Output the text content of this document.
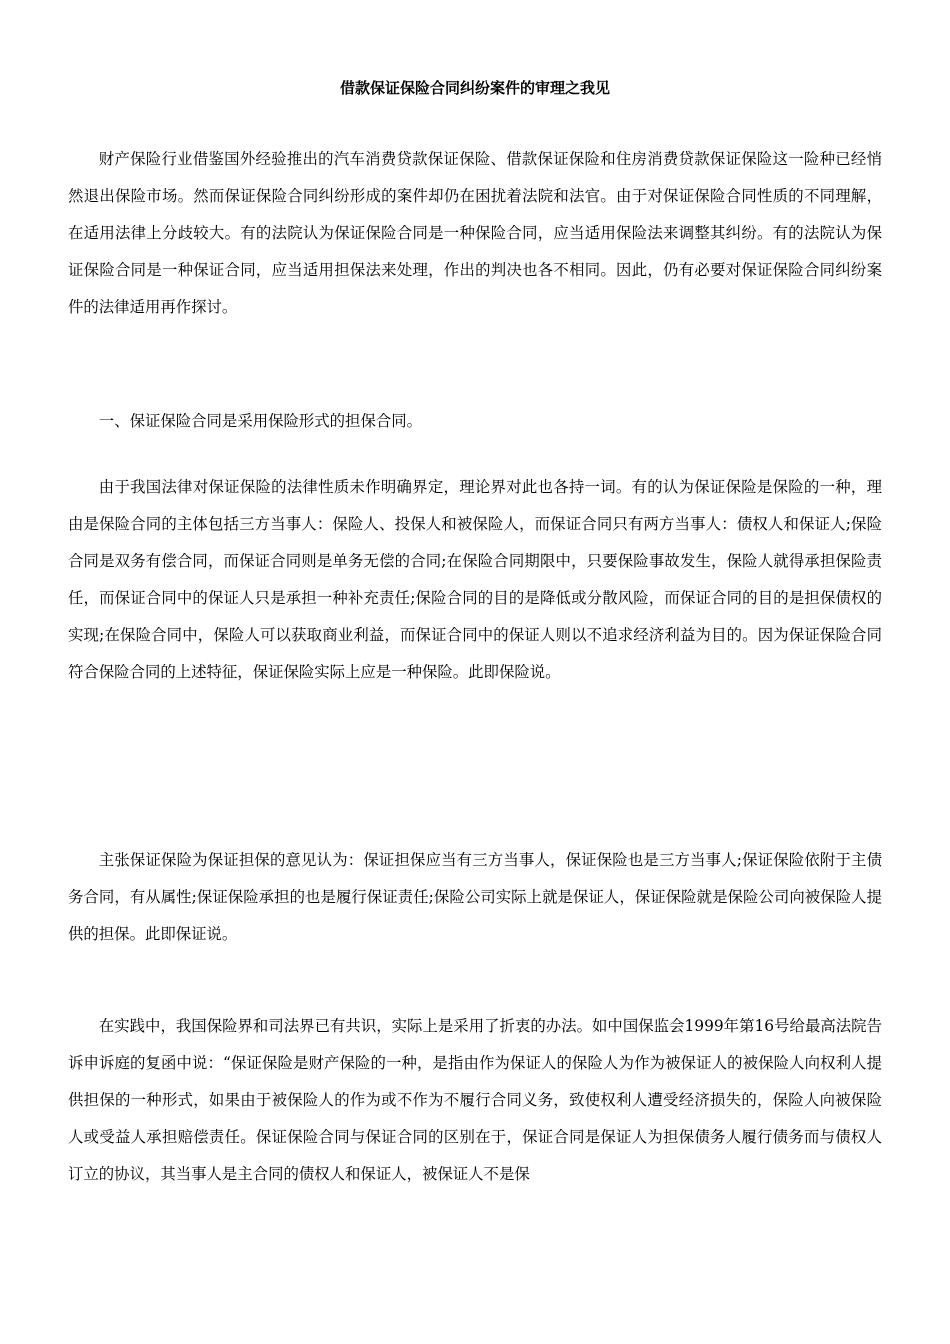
借款保证保险合同纠纷案件的审理之我见

财产保险行业借鉴国外经验推出的汽车消费贷款保证保险、借款保证保险和住房消费贷款保证保险这一险种已经悄然退出保险市场。然而保证保险合同纠纷形成的案件却仍在困扰着法院和法官。由于对保证保险合同性质的不同理解，在适用法律上分歧较大。有的法院认为保证保险合同是一种保险合同，应当适用保险法来调整其纠纷。有的法院认为保证保险合同是一种保证合同，应当适用担保法来处理，作出的判决也各不相同。因此，仍有必要对保证保险合同纠纷案件的法律适用再作探讨。

一、保证保险合同是采用保险形式的担保合同。

由于我国法律对保证保险的法律性质未作明确界定，理论界对此也各持一词。有的认为保证保险是保险的一种，理由是保险合同的主体包括三方当事人：保险人、投保人和被保险人，而保证合同只有两方当事人：债权人和保证人;保险合同是双务有偿合同，而保证合同则是单务无偿的合同;在保险合同期限中，只要保险事故发生，保险人就得承担保险责任，而保证合同中的保证人只是承担一种补充责任;保险合同的目的是降低或分散风险，而保证合同的目的是担保债权的实现;在保险合同中，保险人可以获取商业利益，而保证合同中的保证人则以不追求经济利益为目的。因为保证保险合同符合保险合同的上述特征，保证保险实际上应是一种保险。此即保险说。

主张保证保险为保证担保的意见认为：保证担保应当有三方当事人，保证保险也是三方当事人;保证保险依附于主债务合同，有从属性;保证保险承担的也是履行保证责任;保险公司实际上就是保证人，保证保险就是保险公司向被保险人提供的担保。此即保证说。

在实践中，我国保险界和司法界已有共识，实际上是采用了折衷的办法。如中国保监会1999年第16号给最高法院告诉申诉庭的复函中说：“保证保险是财产保险的一种，是指由作为保证人的保险人为作为被保证人的被保险人向权利人提供担保的一种形式，如果由于被保险人的作为或不作为不履行合同义务，致使权利人遭受经济损失的，保险人向被保险人或受益人承担赔偿责任。保证保险合同与保证合同的区别在于，保证合同是保证人为担保债务人履行债务而与债权人订立的协议，其当事人是主合同的债权人和保证人，被保证人不是保
